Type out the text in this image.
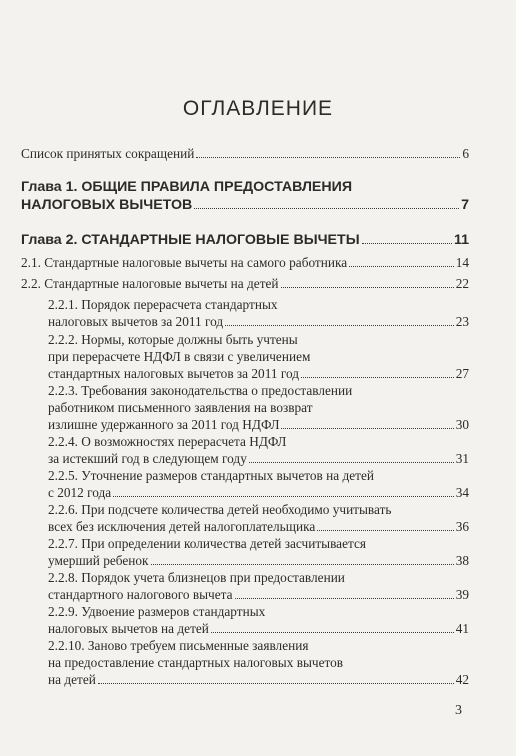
ОГЛАВЛЕНИЕ
Список принятых сокращений	6
Глава 1. ОБЩИЕ ПРАВИЛА ПРЕДОСТАВЛЕНИЯ
НАЛОГОВЫХ ВЫЧЕТОВ	7
Глава 2. СТАНДАРТНЫЕ НАЛОГОВЫЕ ВЫЧЕТЫ	11
2.1. Стандартные налоговые вычеты на самого работника	14
2.2. Стандартные налоговые вычеты на детей	22
2.2.1. Порядок перерасчета стандартных
налоговых вычетов за 2011 год	23
2.2.2. Нормы, которые должны быть учтены
при перерасчете НДФЛ в связи с увеличением
стандартных налоговых вычетов за 2011 год	27
2.2.3. Требования законодательства о предоставлении
работником письменного заявления на возврат
излишне удержанного за 2011 год НДФЛ	30
2.2.4. О возможностях перерасчета НДФЛ
за истекший год в следующем году	31
2.2.5. Уточнение размеров стандартных вычетов на детей
с 2012 года	34
2.2.6. При подсчете количества детей необходимо учитывать
всех без исключения детей налогоплательщика	36
2.2.7. При определении количества детей засчитывается
умерший ребенок	38
2.2.8. Порядок учета близнецов при предоставлении
стандартного налогового вычета	39
2.2.9. Удвоение размеров стандартных
налоговых вычетов на детей	41
2.2.10. Заново требуем письменные заявления
на предоставление стандартных налоговых вычетов
на детей	42
3
